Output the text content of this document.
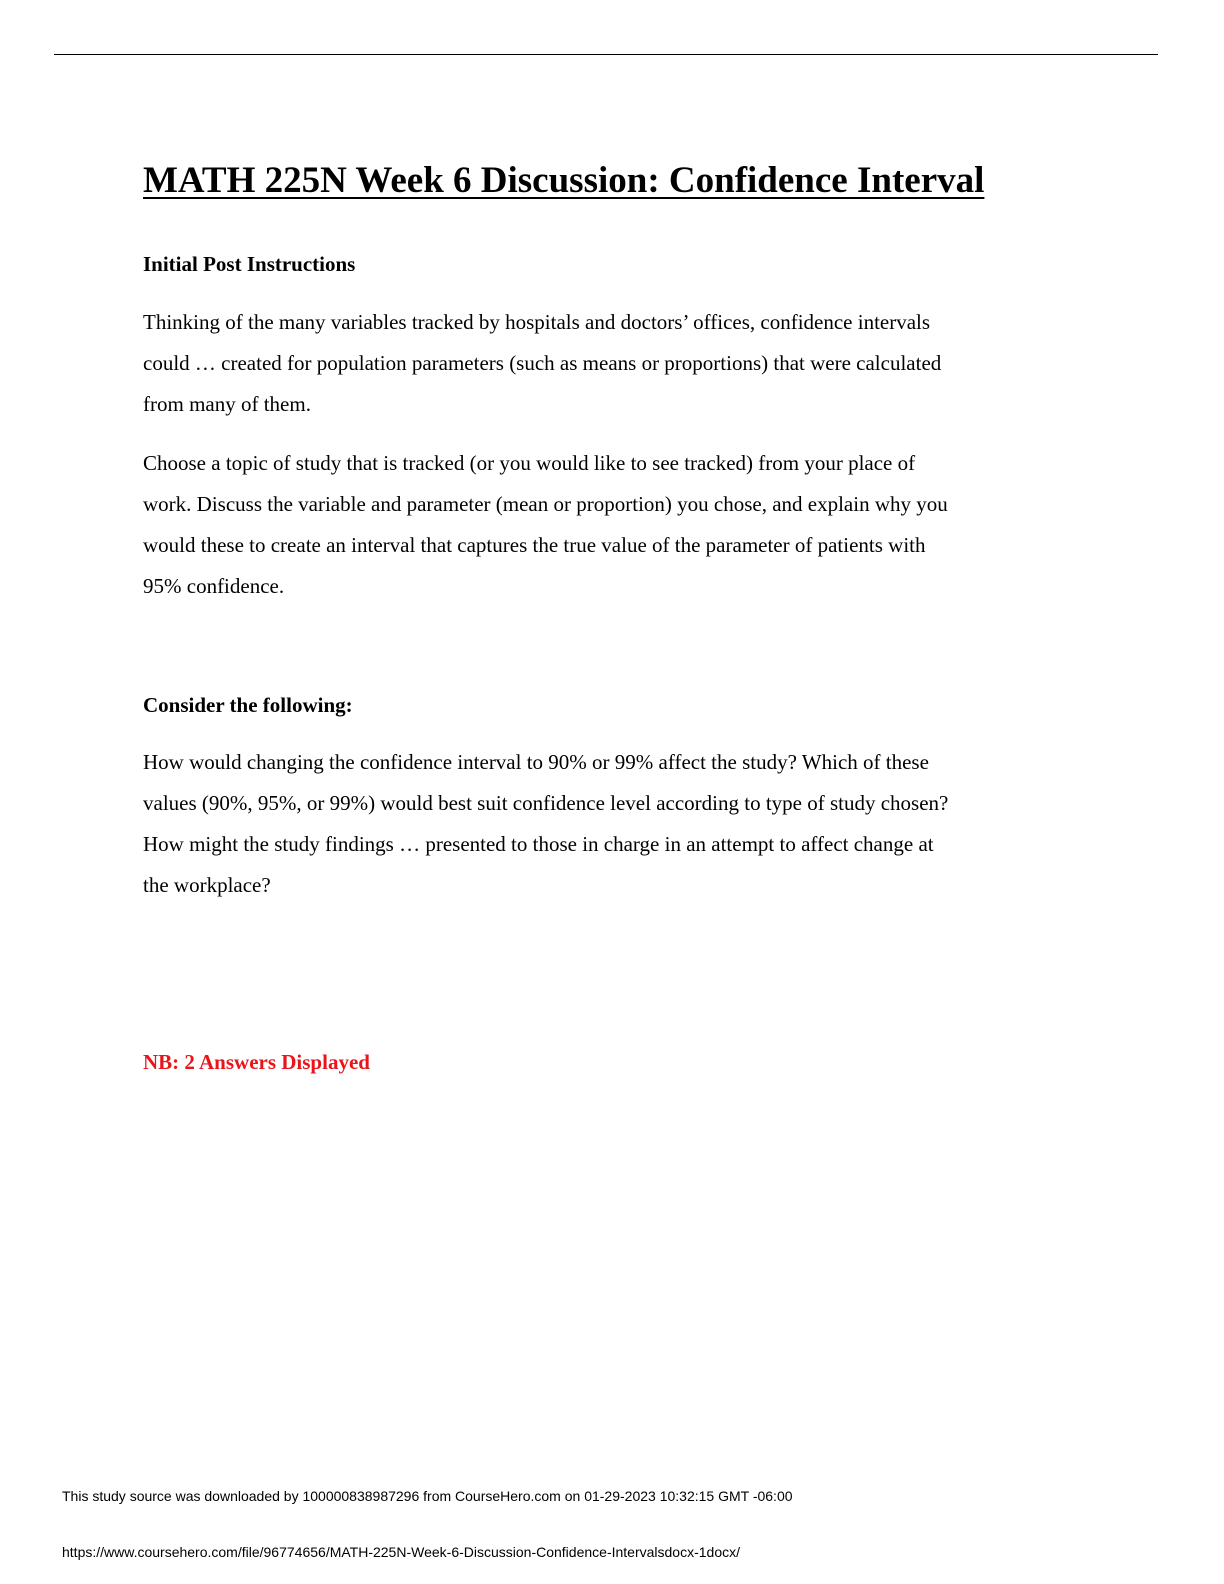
MATH 225N Week 6 Discussion: Confidence Interval
Initial Post Instructions

Thinking of the many variables tracked by hospitals and doctors’ offices, confidence intervals
could … created for population parameters (such as means or proportions) that were calculated
from many of them.

Choose a topic of study that is tracked (or you would like to see tracked) from your place of
work. Discuss the variable and parameter (mean or proportion) you chose, and explain why you
would these to create an interval that captures the true value of the parameter of patients with
95% confidence.

Consider the following:

How would changing the confidence interval to 90% or 99% affect the study? Which of these
values (90%, 95%, or 99%) would best suit confidence level according to type of study chosen?
How might the study findings … presented to those in charge in an attempt to affect change at
the workplace?

NB: 2 Answers Displayed

This study source was downloaded by 100000838987296 from CourseHero.com on 01-29-2023 10:32:15 GMT -06:00

https://www.coursehero.com/file/96774656/MATH-225N-Week-6-Discussion-Confidence-Intervalsdocx-1docx/
